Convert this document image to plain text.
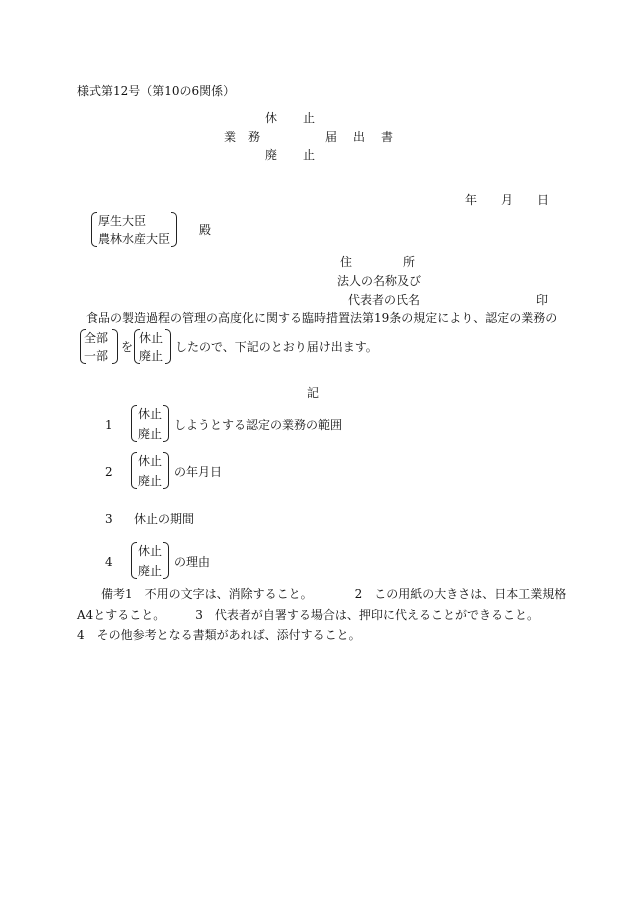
様式第12号（第10の6関係）
休 止
業　務	届　出　書
廃 止
年 月 日
厚生大臣
農林水産大臣
殿
住	所
法人の名称及び
代表者の氏名	印
食品の製造過程の管理の高度化に関する臨時措置法第19条の規定により、認定の業務の
全部
一部
を
休止
廃止
したので、下記のとおり届け出ます。
記
1
休止
廃止
しようとする認定の業務の範囲
2
休止
廃止
の年月日
3 休止の期間
4
休止
廃止
の理由
備考1　不用の文字は、消除すること。　　　　2　この用紙の大きさは、日本工業規格
A4とすること。　　　3　代表者が自署する場合は、押印に代えることができること。
4　その他参考となる書類があれば、添付すること。
